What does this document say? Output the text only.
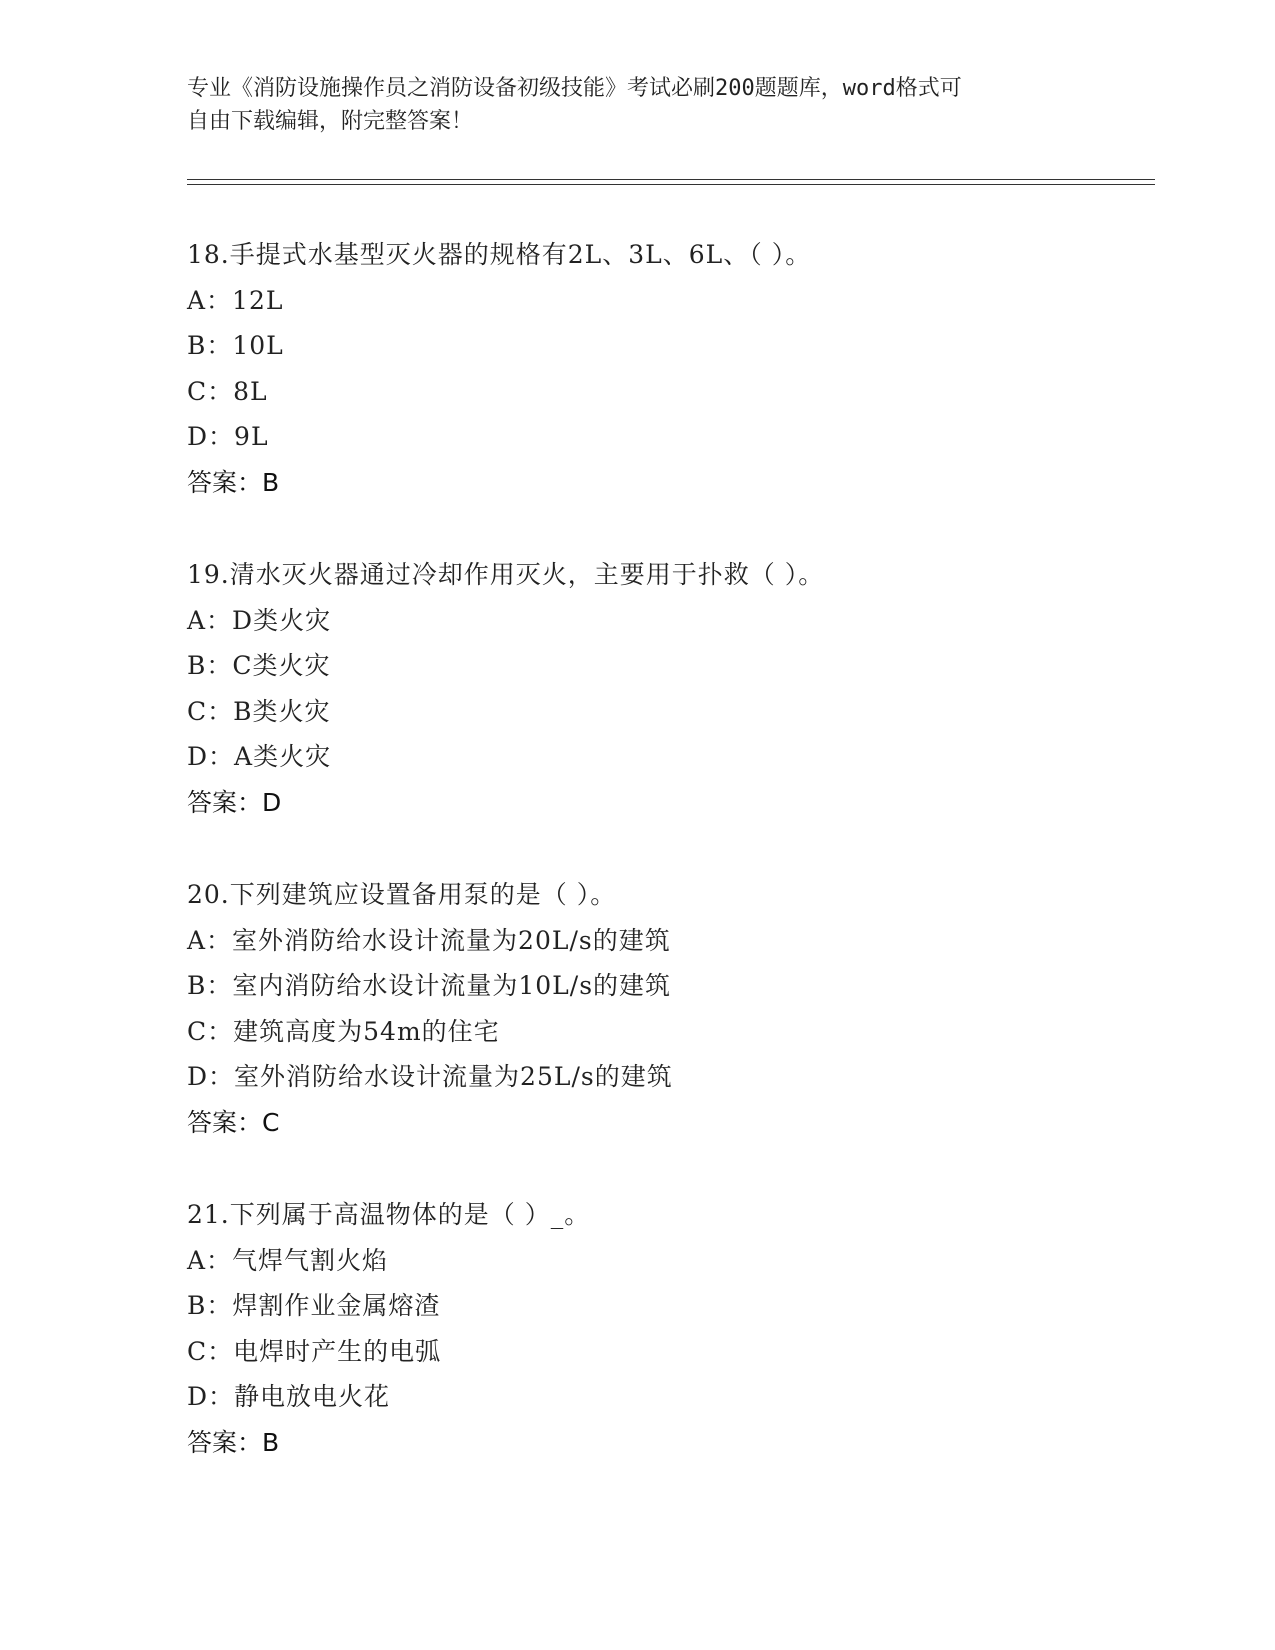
专业《消防设施操作员之消防设备初级技能》考试必刷200题题库，word格式可
自由下载编辑，附完整答案！
18.手提式水基型灭火器的规格有2L、3L、6L、（ ）。
A：12L
B：10L
C：8L
D：9L
答案：B
19.清水灭火器通过冷却作用灭火，主要用于扑救（ ）。
A：D类火灾
B：C类火灾
C：B类火灾
D：A类火灾
答案：D
20.下列建筑应设置备用泵的是（ ）。
A：室外消防给水设计流量为20L/s的建筑
B：室内消防给水设计流量为10L/s的建筑
C：建筑高度为54m的住宅
D：室外消防给水设计流量为25L/s的建筑
答案：C
21.下列属于高温物体的是（ ）_。
A：气焊气割火焰
B：焊割作业金属熔渣
C：电焊时产生的电弧
D：静电放电火花
答案：B
